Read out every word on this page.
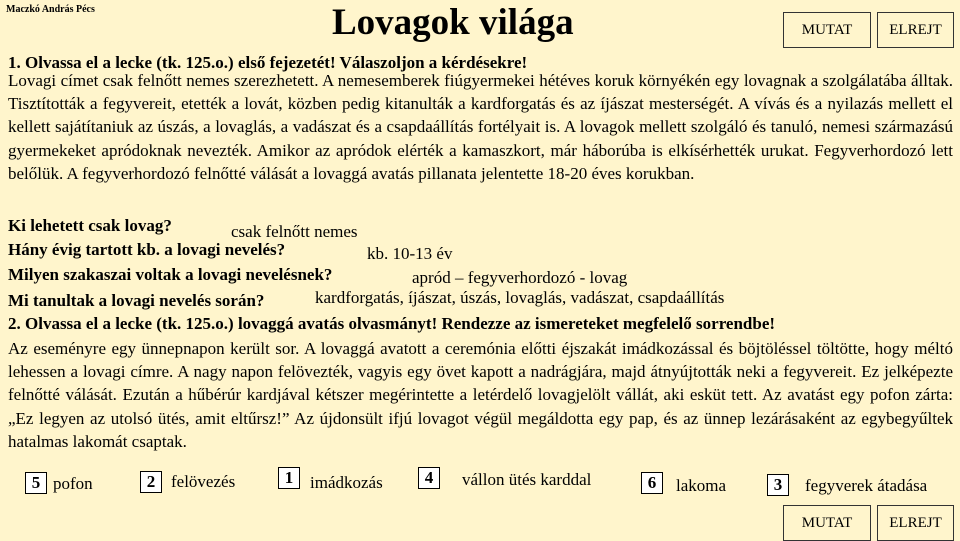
Maczkó András Pécs	Lovagok világa	MUTAT	ELREJT
1. Olvassa el a lecke (tk. 125.o.) első fejezetét! Válaszoljon a kérdésekre!
Lovagi címet csak felnőtt nemes szerezhetett. A nemesemberek fiúgyermekei hétéves koruk környékén egy lovagnak a szolgálatába álltak. Tisztították a fegyvereit, etették a lovát, közben pedig kitanulták a kardforgatás és az íjászat mesterségét. A vívás és a nyilazás mellett el kellett sajátítaniuk az úszás, a lovaglás, a vadászat és a csapdaállítás fortélyait is. A lovagok mellett szolgáló és tanuló, nemesi származású gyermekeket apródoknak nevezték. Amikor az apródok elérték a kamaszkort, már háborúba is elkísérhették urukat. Fegyverhordozó lett belőlük. A fegyverhordozó felnőtté válását a lovaggá avatás pillanata jelentette 18-20 éves korukban.
Ki lehetett csak lovag?	csak felnőtt nemes
Hány évig tartott kb. a lovagi nevelés?	kb. 10-13 év
Milyen szakaszai voltak a lovagi nevelésnek?	apród – fegyverhordozó - lovag
Mi tanultak a lovagi nevelés során?	kardforgatás, íjászat, úszás, lovaglás, vadászat, csapdaállítás
2. Olvassa el a lecke (tk. 125.o.) lovaggá avatás olvasmányt! Rendezze az ismereteket megfelelő sorrendbe!
Az eseményre egy ünnepnapon került sor. A lovaggá avatott a ceremónia előtti éjszakát imádkozással és böjtöléssel töltötte, hogy méltó lehessen a lovagi címre. A nagy napon felövezték, vagyis egy övet kapott a nadrágjára, majd átnyújtották neki a fegyvereit. Ez jelképezte felnőtté válását. Ezután a hűbérúr kardjával kétszer megérintette a letérdelő lovagjelölt vállát, aki esküt tett. Az avatást egy pofon zárta: „Ez legyen az utolsó ütés, amit eltűrsz!” Az újdonsült ifjú lovagot végül megáldotta egy pap, és az ünnep lezárásaként az egybegyűltek hatalmas lakomát csaptak.
5 pofon	2 felövezés	1 imádkozás	4	vállon ütés karddal	6	lakoma	3	fegyverek átadása
MUTAT	ELREJT
